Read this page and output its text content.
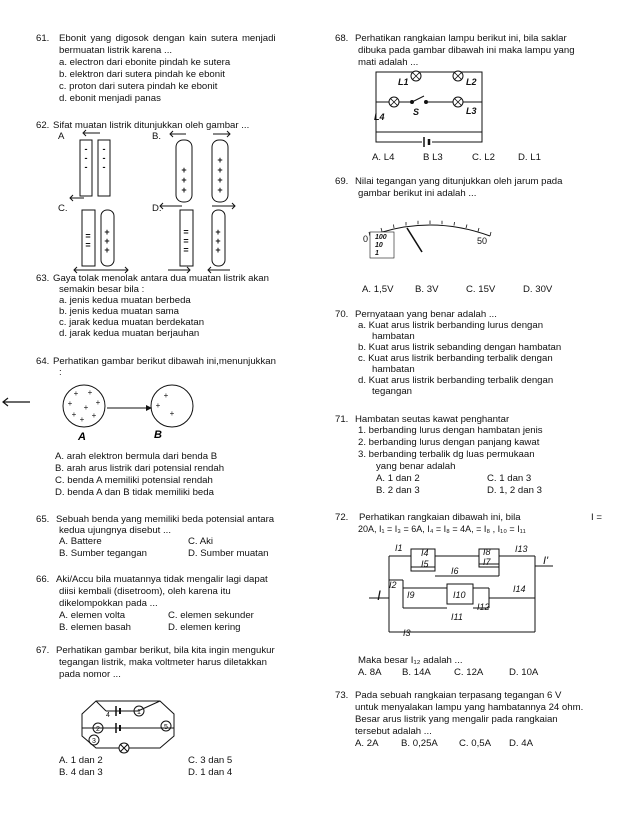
61. Ebonit yang digosok dengan kain sutera menjadi
bermuatan listrik karena ...
a. electron dari ebonite pindah ke sutera
b. elektron dari sutera pindah ke ebonit
c. proton dari sutera pindah ke ebonit
d. ebonit menjadi panas
62. Sifat muatan listrik ditunjukkan oleh gambar ...
A	B.
C.	D.
-
-
-
-
-
-	+
+
+
+
+
+
+
=
=
+
+
+
=
=
=
+
+
+
63. Gaya tolak menolak antara dua muatan listrik akan
semakin besar bila :
a. jenis kedua muatan berbeda
b. jenis kedua muatan sama
c. jarak kedua muatan berdekatan
d. jarak kedua muatan berjauhan
64. Perhatikan gambar berikut dibawah ini,menunjukkan
:
A. arah elektron bermula dari benda B
B. arah arus listrik dari potensial rendah
C. benda A memiliki potensial rendah
D. benda A dan B tidak memiliki beda
+ +
+	+
+
+
+
+
+
+
+
A	B
65. Sebuah benda yang memiliki beda potensial antara
kedua ujungnya disebut ...
A. Battere	C. Aki
B. Sumber tegangan	D. Sumber muatan
66. Aki/Accu bila muatannya tidak mengalir lagi dapat
diisi kembali (disetroom), oleh karena itu
dikelompokkan pada ...
A. elemen volta	C. elemen sekunder
B. elemen basah	D. elemen kering
67. Perhatikan gambar berikut, bila kita ingin mengukur
tegangan listrik, maka voltmeter harus diletakkan
pada nomor ...
A. 1 dan 2	C. 3 dan 5
B. 4 dan 3	D. 1 dan 4
1
2
3
4
5
68. Perhatikan rangkaian lampu berikut ini, bila saklar
dibuka pada gambar dibawah ini maka lampu yang
mati adalah ...
A. L4	B L3	C. L2 D. L1
L1	L2
L3
L4	S
69. Nilai tegangan yang ditunjukkan oleh jarum pada
gambar berikut ini adalah ...
A. 1,5V B. 3V	C. 15V	D. 30V
100
10
1
0	50
70. Pernyataan yang benar adalah ...
a. Kuat arus listrik berbanding lurus dengan
hambatan
b. Kuat arus listrik sebanding dengan hambatan
c. Kuat arus listrik berbanding terbalik dengan
hambatan
d. Kuat arus listrik berbanding terbalik dengan
tegangan
71. Hambatan seutas kawat penghantar
1. berbanding lurus dengan hambatan jenis
2. berbanding lurus dengan panjang kawat
3. berbanding terbalik dg luas permukaan
yang benar adalah
A. 1 dan 2	C. 1 dan 3
B. 2 dan 3	D. 1, 2 dan 3
72. Perhatikan rangkaian dibawah ini, bila	I =
20A, I₁ = I₃ = 6A, I₄ = I₈ = 4A, = I₈ , I₁₀ = I₁₁
Maka besar I₁₂ adalah ...
A. 8A B. 14A C. 12A	D. 10A
I1 I4
I5
I6
I8
I7
I13
I'
I2
I9	I10
I11
I12
I14
I
I3
73. Pada sebuah rangkaian terpasang tegangan 6 V
untuk menyalakan lampu yang hambatannya 24 ohm.
Besar arus listrik yang mengalir pada rangkaian
tersebut adalah ...
A. 2A B. 0,25A C. 0,5A D. 4A
